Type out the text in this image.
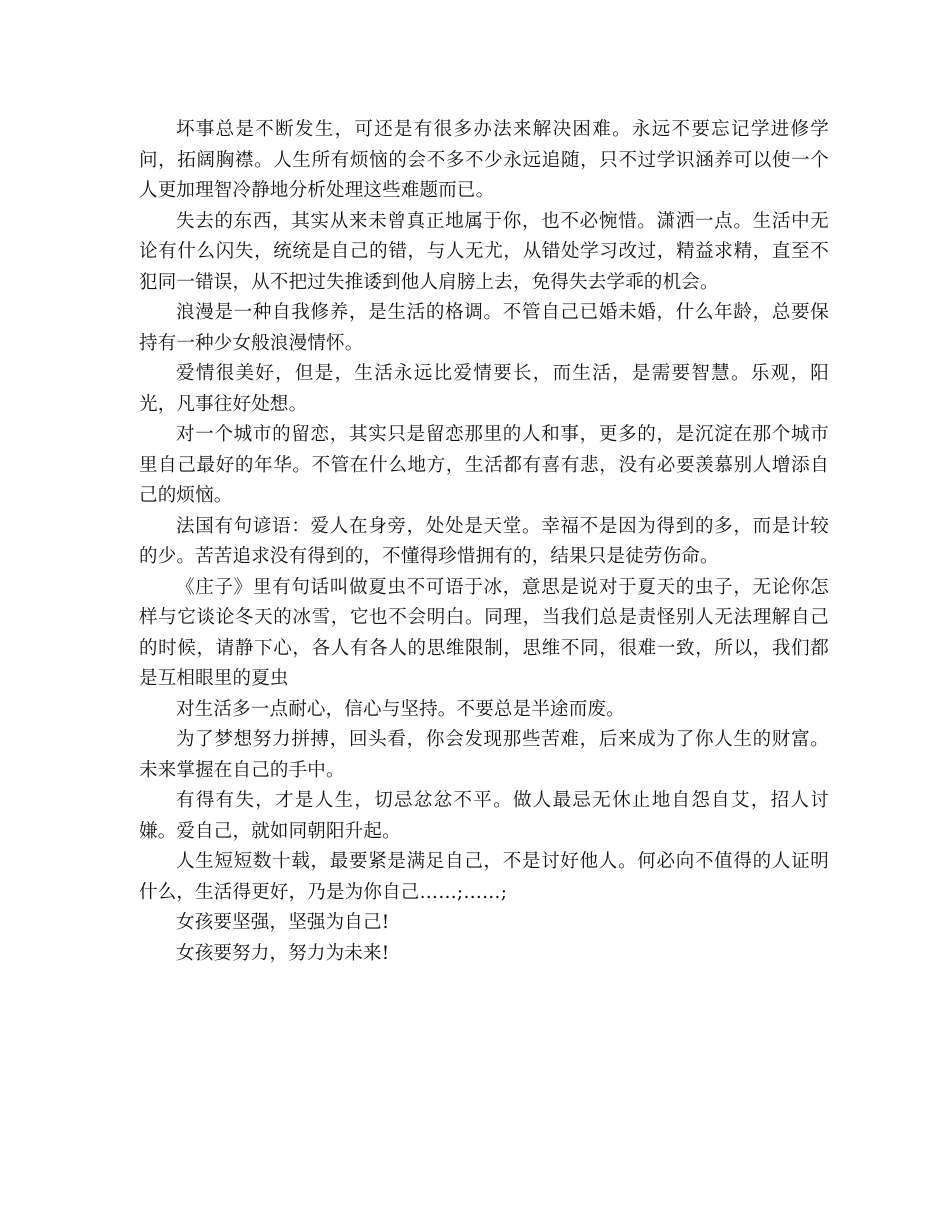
坏事总是不断发生，可还是有很多办法来解决困难。永远不要忘记学进修学问，拓阔胸襟。人生所有烦恼的会不多不少永远追随，只不过学识涵养可以使一个人更加理智冷静地分析处理这些难题而已。

失去的东西，其实从来未曾真正地属于你，也不必惋惜。潇洒一点。生活中无论有什么闪失，统统是自己的错，与人无尤，从错处学习改过，精益求精，直至不犯同一错误，从不把过失推诿到他人肩膀上去，免得失去学乖的机会。

浪漫是一种自我修养，是生活的格调。不管自己已婚未婚，什么年龄，总要保持有一种少女般浪漫情怀。

爱情很美好，但是，生活永远比爱情要长，而生活，是需要智慧。乐观，阳光，凡事往好处想。

对一个城市的留恋，其实只是留恋那里的人和事，更多的，是沉淀在那个城市里自己最好的年华。不管在什么地方，生活都有喜有悲，没有必要羡慕别人增添自己的烦恼。

法国有句谚语：爱人在身旁，处处是天堂。幸福不是因为得到的多，而是计较的少。苦苦追求没有得到的，不懂得珍惜拥有的，结果只是徒劳伤命。

《庄子》里有句话叫做夏虫不可语于冰，意思是说对于夏天的虫子，无论你怎样与它谈论冬天的冰雪，它也不会明白。同理，当我们总是责怪别人无法理解自己的时候，请静下心，各人有各人的思维限制，思维不同，很难一致，所以，我们都是互相眼里的夏虫

对生活多一点耐心，信心与坚持。不要总是半途而废。

为了梦想努力拼搏，回头看，你会发现那些苦难，后来成为了你人生的财富。未来掌握在自己的手中。

有得有失，才是人生，切忌忿忿不平。做人最忌无休止地自怨自艾，招人讨嫌。爱自己，就如同朝阳升起。

人生短短数十载，最要紧是满足自己，不是讨好他人。何必向不值得的人证明什么，生活得更好，乃是为你自己……;……;

女孩要坚强，坚强为自己!

女孩要努力，努力为未来!
